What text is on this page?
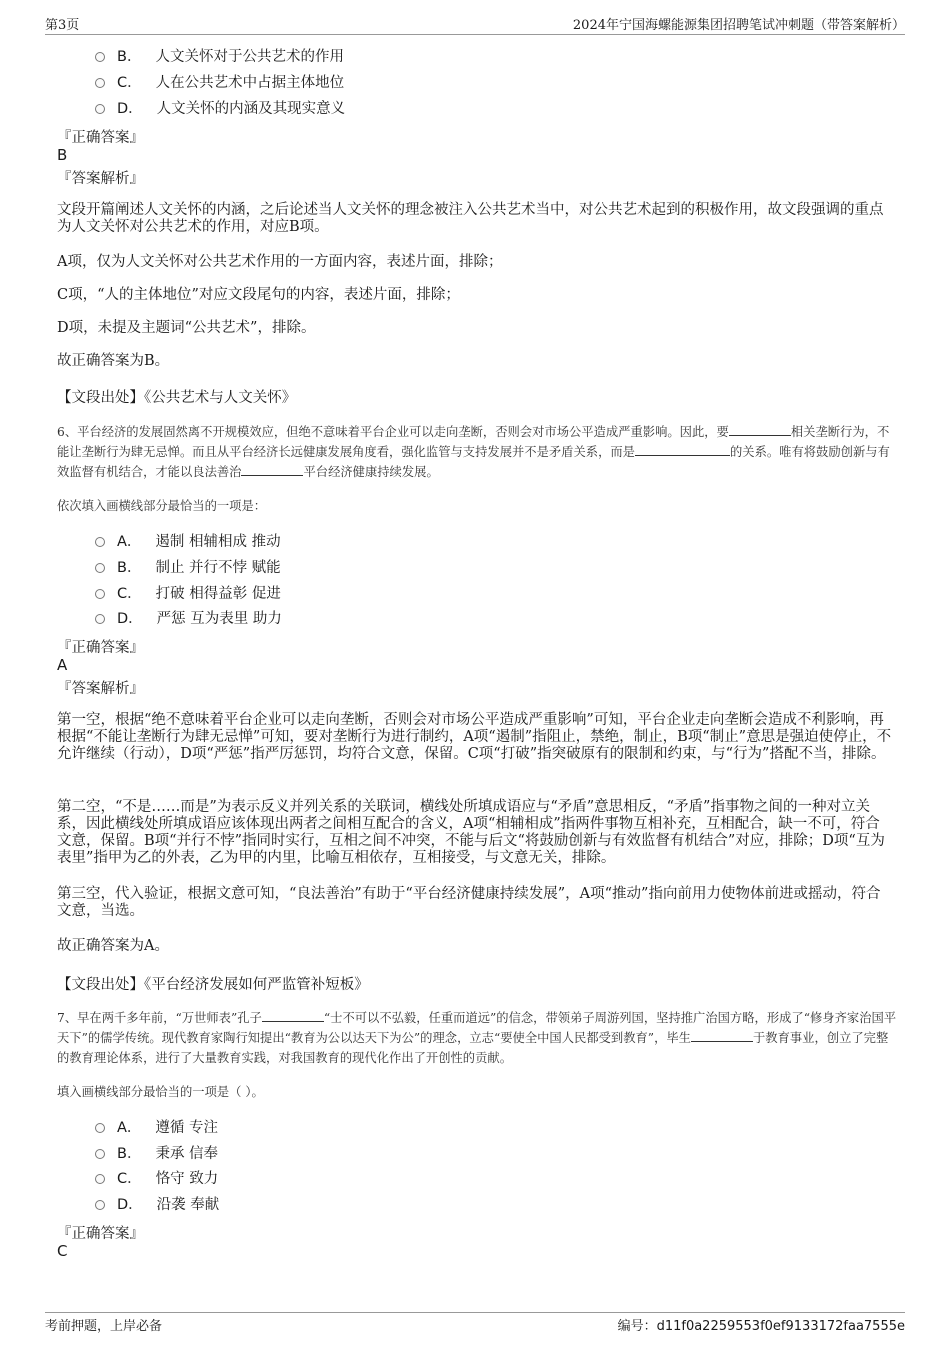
第3页	2024年宁国海螺能源集团招聘笔试冲刺题（带答案解析）
B． 人文关怀对于公共艺术的作用
C． 人在公共艺术中占据主体地位
D． 人文关怀的内涵及其现实意义
『正确答案』
B
『答案解析』
文段开篇阐述人文关怀的内涵，之后论述当人文关怀的理念被注入公共艺术当中，对公共艺术起到的积极作用，故文段强调的重点为人文关怀对公共艺术的作用，对应B项。
A项，仅为人文关怀对公共艺术作用的一方面内容，表述片面，排除；
C项，“人的主体地位”对应文段尾句的内容，表述片面，排除；
D项，未提及主题词“公共艺术”，排除。
故正确答案为B。
【文段出处】《公共艺术与人文关怀》
6、平台经济的发展固然离不开规模效应，但绝不意味着平台企业可以走向垄断，否则会对市场公平造成严重影响。因此，要	相关垄断行为，不能让垄断行为肆无忌惮。而且从平台经济长远健康发展角度看，强化监管与支持发展并不是矛盾关系，而是	的关系。唯有将鼓励创新与有效监督有机结合，才能以良法善治	平台经济健康持续发展。
依次填入画横线部分最恰当的一项是：
A． 遏制 相辅相成 推动
B． 制止 并行不悖 赋能
C． 打破 相得益彰 促进
D． 严惩 互为表里 助力
『正确答案』
A
『答案解析』
第一空，根据“绝不意味着平台企业可以走向垄断，否则会对市场公平造成严重影响”可知，平台企业走向垄断会造成不利影响，再根据“不能让垄断行为肆无忌惮”可知，要对垄断行为进行制约，A项“遏制”指阻止，禁绝，制止，B项“制止”意思是强迫使停止，不允许继续（行动），D项“严惩”指严厉惩罚，均符合文意，保留。C项“打破”指突破原有的限制和约束，与“行为”搭配不当，排除。
第二空，“不是……而是”为表示反义并列关系的关联词，横线处所填成语应与“矛盾”意思相反，“矛盾”指事物之间的一种对立关系，因此横线处所填成语应该体现出两者之间相互配合的含义，A项“相辅相成”指两件事物互相补充，互相配合，缺一不可，符合文意，保留。B项“并行不悖”指同时实行，互相之间不冲突，不能与后文“将鼓励创新与有效监督有机结合”对应，排除；D项“互为表里”指甲为乙的外表，乙为甲的内里，比喻互相依存，互相接受，与文意无关，排除。
第三空，代入验证，根据文意可知，“良法善治”有助于“平台经济健康持续发展”，A项“推动”指向前用力使物体前进或摇动，符合文意，当选。
故正确答案为A。
【文段出处】《平台经济发展如何严监管补短板》
7、早在两千多年前，“万世师表”孔子	“士不可以不弘毅，任重而道远”的信念，带领弟子周游列国，坚持推广治国方略，形成了“修身齐家治国平天下”的儒学传统。现代教育家陶行知提出“教育为公以达天下为公”的理念，立志“要使全中国人民都受到教育”，毕生	于教育事业，创立了完整的教育理论体系，进行了大量教育实践，对我国教育的现代化作出了开创性的贡献。
填入画横线部分最恰当的一项是（ ）。
A． 遵循 专注
B． 秉承 信奉
C． 恪守 致力
D． 沿袭 奉献
『正确答案』
C
考前押题，上岸必备	编号：d11f0a2259553f0ef9133172faa7555e
